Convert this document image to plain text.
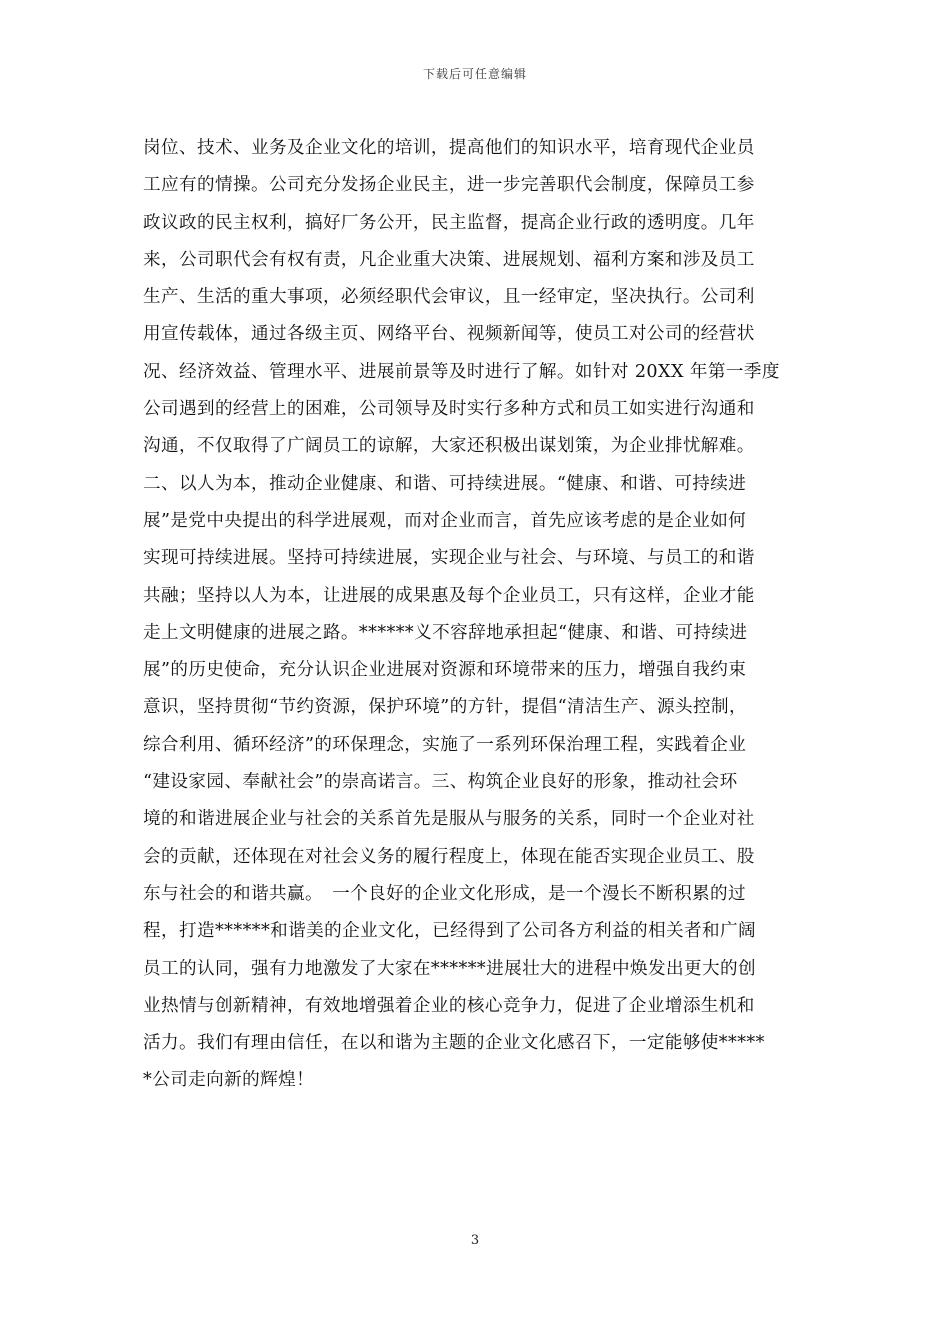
下载后可任意编辑
岗位、技术、业务及企业文化的培训，提高他们的知识水平，培育现代企业员
工应有的情操。公司充分发扬企业民主，进一步完善职代会制度，保障员工参
政议政的民主权利，搞好厂务公开，民主监督，提高企业行政的透明度。几年
来，公司职代会有权有责，凡企业重大决策、进展规划、福利方案和涉及员工
生产、生活的重大事项，必须经职代会审议，且一经审定，坚决执行。公司利
用宣传载体，通过各级主页、网络平台、视频新闻等，使员工对公司的经营状
况、经济效益、管理水平、进展前景等及时进行了解。如针对 20XX 年第一季度
公司遇到的经营上的困难，公司领导及时实行多种方式和员工如实进行沟通和
沟通，不仅取得了广阔员工的谅解，大家还积极出谋划策，为企业排忧解难。
二、以人为本，推动企业健康、和谐、可持续进展。“健康、和谐、可持续进
展”是党中央提出的科学进展观，而对企业而言，首先应该考虑的是企业如何
实现可持续进展。坚持可持续进展，实现企业与社会、与环境、与员工的和谐
共融；坚持以人为本，让进展的成果惠及每个企业员工，只有这样，企业才能
走上文明健康的进展之路。******义不容辞地承担起“健康、和谐、可持续进
展”的历史使命，充分认识企业进展对资源和环境带来的压力，增强自我约束
意识，坚持贯彻“节约资源，保护环境”的方针，提倡“清洁生产、源头控制，
综合利用、循环经济”的环保理念，实施了一系列环保治理工程，实践着企业
“建设家园、奉献社会”的崇高诺言。三、构筑企业良好的形象，推动社会环
境的和谐进展企业与社会的关系首先是服从与服务的关系，同时一个企业对社
会的贡献，还体现在对社会义务的履行程度上，体现在能否实现企业员工、股
东与社会的和谐共赢。　一个良好的企业文化形成，是一个漫长不断积累的过
程，打造******和谐美的企业文化，已经得到了公司各方利益的相关者和广阔
员工的认同，强有力地激发了大家在******进展壮大的进程中焕发出更大的创
业热情与创新精神，有效地增强着企业的核心竞争力，促进了企业增添生机和
活力。我们有理由信任，在以和谐为主题的企业文化感召下，一定能够使*****
*公司走向新的辉煌！
3
